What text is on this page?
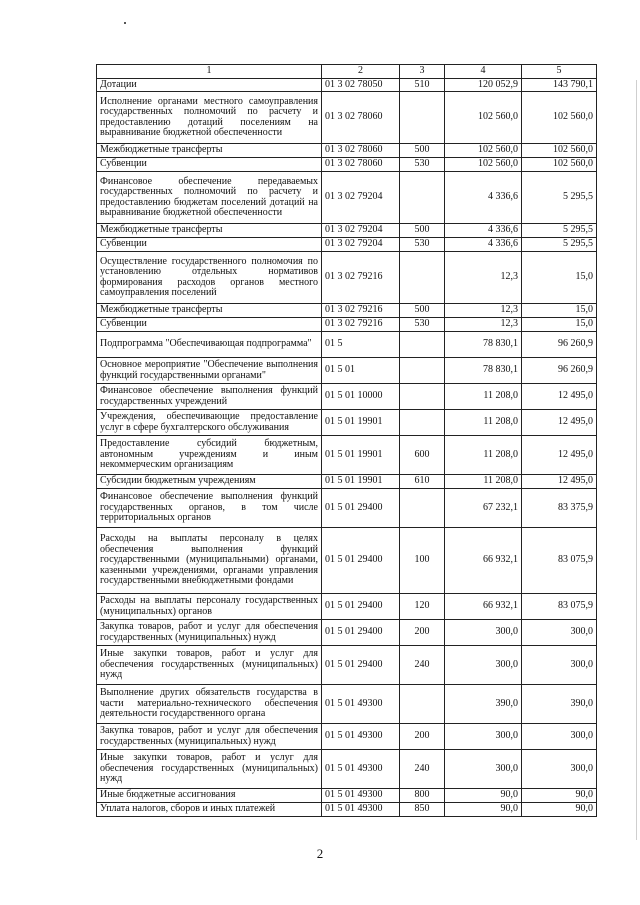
1	2	3	4	5
Дотации	01 3 02 78050	510	120 052,9	143 790,1
Исполнение органами местного самоуправления государственных полномочий по расчету и предоставлению дотаций поселениям на выравнивание бюджетной обеспеченности	01 3 02 78060		102 560,0	102 560,0
Межбюджетные трансферты	01 3 02 78060	500	102 560,0	102 560,0
Субвенции	01 3 02 78060	530	102 560,0	102 560,0
Финансовое обеспечение передаваемых государственных полномочий по расчету и предоставлению бюджетам поселений дотаций на выравнивание бюджетной обеспеченности	01 3 02 79204		4 336,6	5 295,5
Межбюджетные трансферты	01 3 02 79204	500	4 336,6	5 295,5
Субвенции	01 3 02 79204	530	4 336,6	5 295,5
Осуществление государственного полномочия по установлению отдельных нормативов формирования расходов органов местного самоуправления поселений	01 3 02 79216		12,3	15,0
Межбюджетные трансферты	01 3 02 79216	500	12,3	15,0
Субвенции	01 3 02 79216	530	12,3	15,0
Подпрограмма "Обеспечивающая подпрограмма"	01 5		78 830,1	96 260,9
Основное мероприятие "Обеспечение выполнения функций государственными органами"	01 5 01		78 830,1	96 260,9
Финансовое обеспечение выполнения функций государственных учреждений	01 5 01 10000		11 208,0	12 495,0
Учреждения, обеспечивающие предоставление услуг в сфере бухгалтерского обслуживания	01 5 01 19901		11 208,0	12 495,0
Предоставление субсидий бюджетным, автономным учреждениям и иным некоммерческим организациям	01 5 01 19901	600	11 208,0	12 495,0
Субсидии бюджетным учреждениям	01 5 01 19901	610	11 208,0	12 495,0
Финансовое обеспечение выполнения функций государственных органов, в том числе территориальных органов	01 5 01 29400		67 232,1	83 375,9
Расходы на выплаты персоналу в целях обеспечения выполнения функций государственными (муниципальными) органами, казенными учреждениями, органами управления государственными внебюджетными фондами	01 5 01 29400	100	66 932,1	83 075,9
Расходы на выплаты персоналу государственных (муниципальных) органов	01 5 01 29400	120	66 932,1	83 075,9
Закупка товаров, работ и услуг для обеспечения государственных (муниципальных) нужд	01 5 01 29400	200	300,0	300,0
Иные закупки товаров, работ и услуг для обеспечения государственных (муниципальных) нужд	01 5 01 29400	240	300,0	300,0
Выполнение других обязательств государства в части материально-технического обеспечения деятельности государственного органа	01 5 01 49300		390,0	390,0
Закупка товаров, работ и услуг для обеспечения государственных (муниципальных) нужд	01 5 01 49300	200	300,0	300,0
Иные закупки товаров, работ и услуг для обеспечения государственных (муниципальных) нужд	01 5 01 49300	240	300,0	300,0
Иные бюджетные ассигнования	01 5 01 49300	800	90,0	90,0
Уплата налогов, сборов и иных платежей	01 5 01 49300	850	90,0	90,0
2
